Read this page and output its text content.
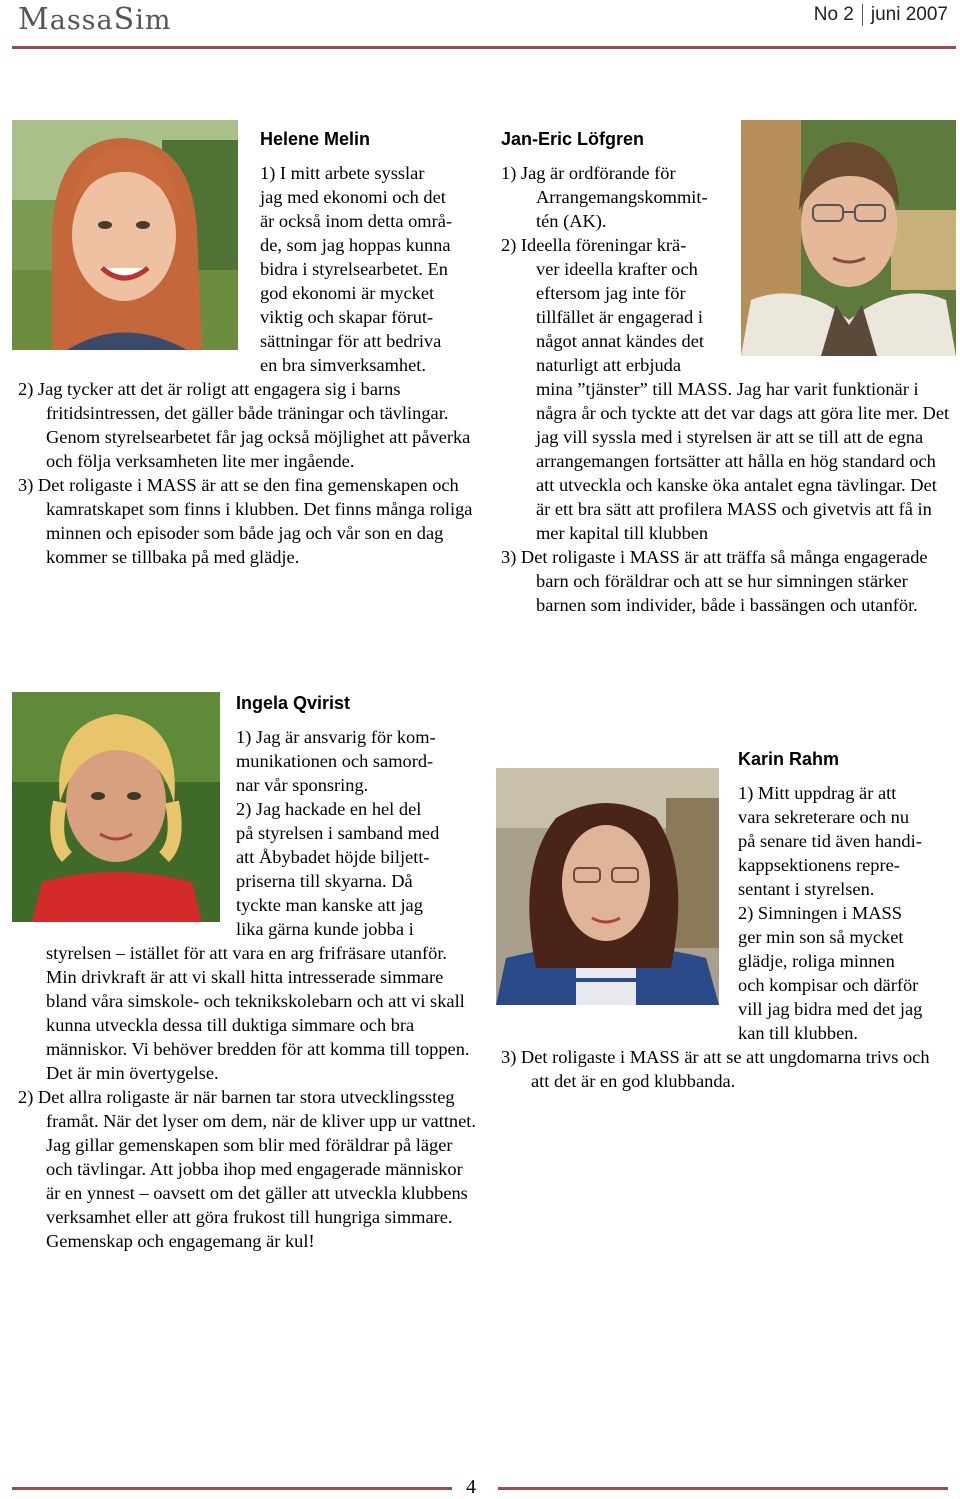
MassaSim	No 2 juni 2007
Helene Melin
1) I mitt arbete sysslar
jag med ekonomi och det
är också inom detta områ-
de, som jag hoppas kunna
bidra i styrelsearbetet. En
god ekonomi är mycket
viktig och skapar förut-
sättningar för att bedriva
en bra simverksamhet.

2) Jag tycker att det är roligt att engagera sig i barns fritidsintressen, det gäller både träningar och tävlingar. Genom styrelsearbetet får jag också möjlighet att påverka och följa verksamheten lite mer ingående.

3) Det roligaste i MASS är att se den fina gemenskapen och kamratskapet som finns i klubben. Det finns många roliga minnen och episoder som både jag och vår son en dag kommer se tillbaka på med glädje.

Jan-Eric Löfgren
1) Jag är ordförande för
Arrangemangskommit-
tén (AK).
2) Ideella föreningar krä-
ver ideella krafter och
eftersom jag inte för
tillfället är engagerad i
något annat kändes det
naturligt att erbjuda

mina ”tjänster” till MASS. Jag har varit funktionär i några år och tyckte att det var dags att göra lite mer. Det jag vill syssla med i styrelsen är att se till att de egna arrangemangen fortsätter att hålla en hög standard och att utveckla och kanske öka antalet egna tävlingar. Det är ett bra sätt att profilera MASS och givetvis att få in mer kapital till klubben

3) Det roligaste i MASS är att träffa så många engagerade barn och föräldrar och att se hur simningen stärker barnen som individer, både i bassängen och utanför.

Ingela Qvirist
1) Jag är ansvarig för kom-
munikationen och samord-
nar vår sponsring.
2) Jag hackade en hel del
på styrelsen i samband med
att Åbybadet höjde biljett-
priserna till skyarna. Då
tyckte man kanske att jag
lika gärna kunde jobba i

styrelsen – istället för att vara en arg frifräsare utanför. Min drivkraft är att vi skall hitta intresserade simmare bland våra simskole- och teknikskolebarn och att vi skall kunna utveckla dessa till duktiga simmare och bra människor. Vi behöver bredden för att komma till toppen. Det är min övertygelse.

2) Det allra roligaste är när barnen tar stora utvecklingssteg framåt. När det lyser om dem, när de kliver upp ur vattnet. Jag gillar gemenskapen som blir med föräldrar på läger och tävlingar. Att jobba ihop med engagerade människor är en ynnest – oavsett om det gäller att utveckla klubbens verksamhet eller att göra frukost till hungriga simmare. Gemenskap och engagemang är kul!

Karin Rahm
1) Mitt uppdrag är att
vara sekreterare och nu
på senare tid även handi-
kappsektionens repre-
sentant i styrelsen.
2) Simningen i MASS
ger min son så mycket
glädje, roliga minnen
och kompisar och därför
vill jag bidra med det jag
kan till klubben.

3) Det roligaste i MASS är att se att ungdomarna trivs och att det är en god klubbanda.

4
